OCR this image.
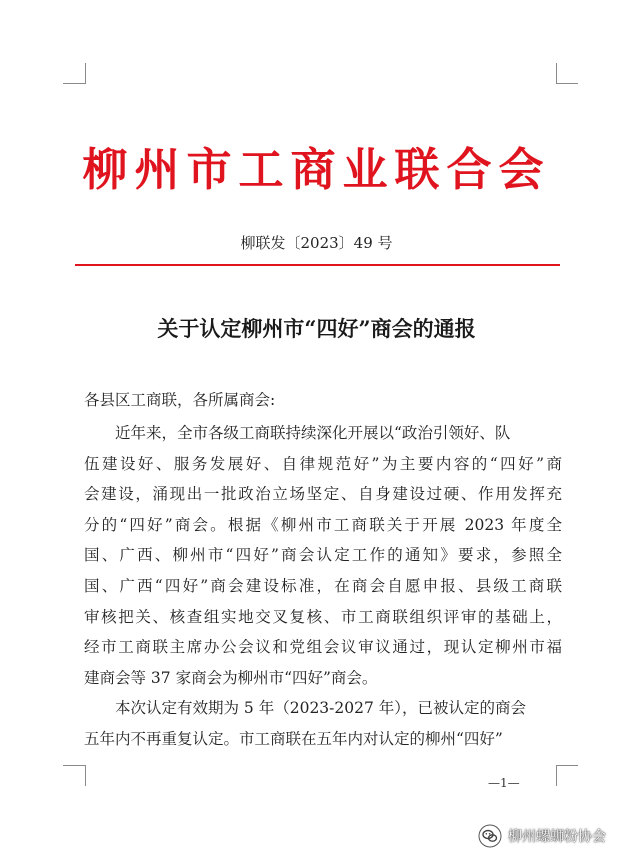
柳州市工商业联合会
柳联发〔2023〕49 号
关于认定柳州市“四好”商会的通报
各县区工商联，各所属商会:
近年来，全市各级工商联持续深化开展以“政治引领好、队
伍建设好、服务发展好、自律规范好”为主要内容的“四好”商
会建设，涌现出一批政治立场坚定、自身建设过硬、作用发挥充
分的“四好”商会。根据《柳州市工商联关于开展 2023 年度全
国、广西、柳州市“四好”商会认定工作的通知》要求，参照全
国、广西“四好”商会建设标准，在商会自愿申报、县级工商联
审核把关、核查组实地交叉复核、市工商联组织评审的基础上，
经市工商联主席办公会议和党组会议审议通过，现认定柳州市福
建商会等 37 家商会为柳州市“四好”商会。
本次认定有效期为 5 年（2023-2027 年），已被认定的商会
五年内不再重复认定。市工商联在五年内对认定的柳州“四好”
—1—
柳州螺蛳粉协会
